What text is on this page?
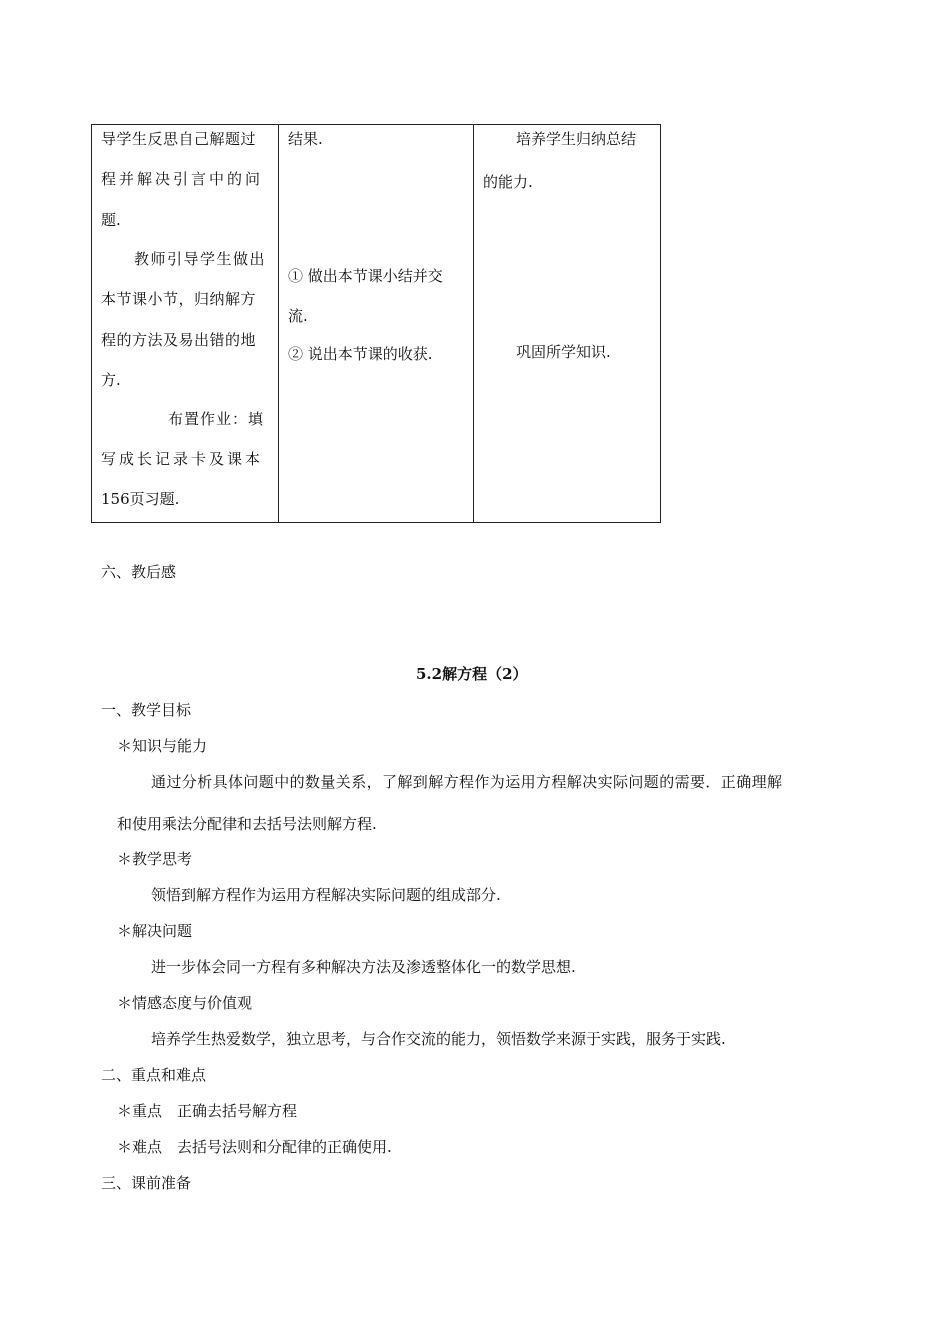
导学生反思自己解题过
程并解决引言中的问
题.
教师引导学生做出
本节课小节，归纳解方
程的方法及易出错的地
方.
布置作业：填
写成长记录卡及课本
156页习题.

结果.
① 做出本节课小结并交
流.
② 说出本节课的收获.

培养学生归纳总结
的能力.
巩固所学知识.
六、教后感
5.2解方程（2）
一、教学目标
＊知识与能力
通过分析具体问题中的数量关系，了解到解方程作为运用方程解决实际问题的需要．正确理解
和使用乘法分配律和去括号法则解方程.
＊教学思考
领悟到解方程作为运用方程解决实际问题的组成部分.
＊解决问题
进一步体会同一方程有多种解决方法及渗透整体化一的数学思想.
＊情感态度与价值观
培养学生热爱数学，独立思考，与合作交流的能力，领悟数学来源于实践，服务于实践.
二、重点和难点
＊重点　正确去括号解方程
＊难点　去括号法则和分配律的正确使用.
三、课前准备
